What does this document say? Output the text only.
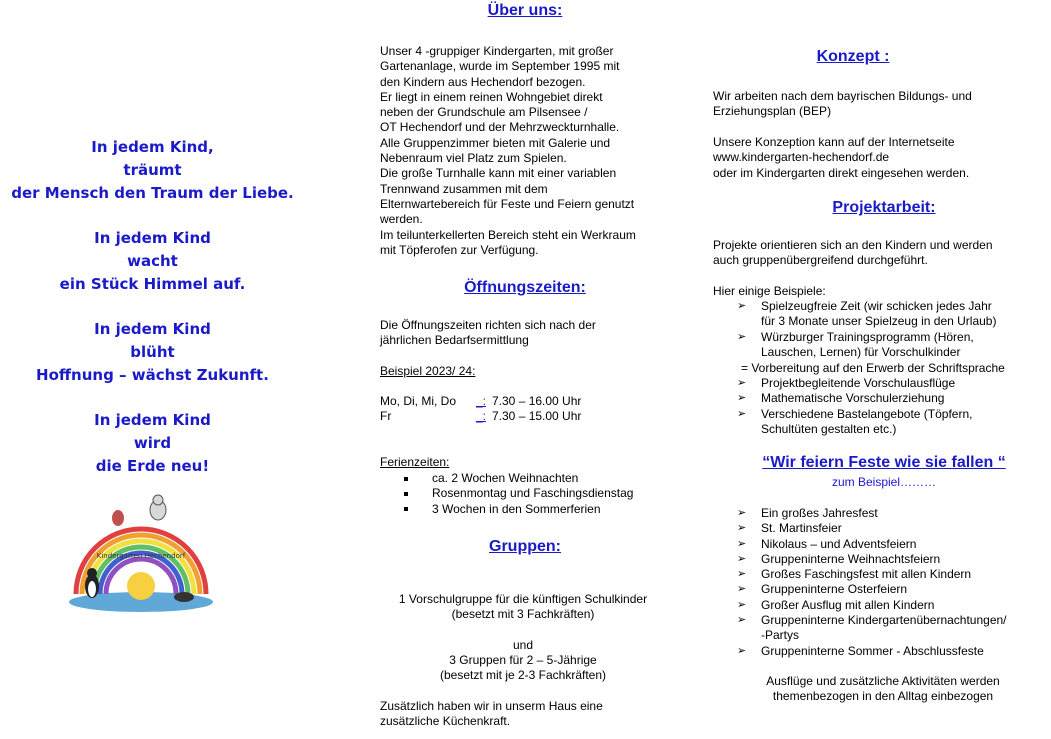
In jedem Kind,
träumt
der Mensch den Traum der Liebe.
In jedem Kind
wacht
ein Stück Himmel auf.
In jedem Kind
blüht
Hoffnung – wächst Zukunft.
In jedem Kind
wird
die Erde neu!
Kindergarten Hechendorf
Über uns:
Unser 4 -gruppiger Kindergarten, mit großer
Gartenanlage, wurde im September 1995 mit
den Kindern aus Hechendorf bezogen.
Er liegt in einem reinen Wohngebiet direkt
neben der Grundschule am Pilsensee /
OT Hechendorf und der Mehrzweckturnhalle.
Alle Gruppenzimmer bieten mit Galerie und
Nebenraum viel Platz zum Spielen.
Die große Turnhalle kann mit einer variablen
Trennwand zusammen mit dem
Elternwartebereich für Feste und Feiern genutzt
werden.
Im teilunterkellerten Bereich steht ein Werkraum
mit Töpferofen zur Verfügung.
Öffnungszeiten:
Die Öffnungszeiten richten sich nach der
jährlichen Bedarfsermittlung
Beispiel 2023/ 24:
Mo, Di, Mi, Do _: 7.30 – 16.00 Uhr
Fr	_: 7.30 – 15.00 Uhr
Ferienzeiten:
ca. 2 Wochen Weihnachten
Rosenmontag und Faschingsdienstag
3 Wochen in den Sommerferien
Gruppen:
1 Vorschulgruppe für die künftigen Schulkinder
(besetzt mit 3 Fachkräften)

und
3 Gruppen für 2 – 5-Jährige
(besetzt mit je 2-3 Fachkräften)
Zusätzlich haben wir in unserm Haus eine
zusätzliche Küchenkraft.
Konzept :
Wir arbeiten nach dem bayrischen Bildungs- und
Erziehungsplan (BEP)
Unsere Konzeption kann auf der Internetseite
www.kindergarten-hechendorf.de
oder im Kindergarten direkt eingesehen werden.
Projektarbeit:
Projekte orientieren sich an den Kindern und werden
auch gruppenübergreifend durchgeführt.
Hier einige Beispiele:
➢ Spielzeugfreie Zeit (wir schicken jedes Jahr
für 3 Monate unser Spielzeug in den Urlaub)
➢ Würzburger Trainingsprogramm (Hören,
Lauschen, Lernen) für Vorschulkinder
= Vorbereitung auf den Erwerb der Schriftsprache
➢ Projektbegleitende Vorschulausflüge
➢ Mathematische Vorschulerziehung
➢ Verschiedene Bastelangebote (Töpfern,
Schultüten gestalten etc.)
“Wir feiern Feste wie sie fallen “
zum Beispiel………
➢ Ein großes Jahresfest
➢ St. Martinsfeier
➢ Nikolaus – und Adventsfeiern
➢ Gruppeninterne Weihnachtsfeiern
➢ Großes Faschingsfest mit allen Kindern
➢ Gruppeninterne Osterfeiern
➢ Großer Ausflug mit allen Kindern
➢ Gruppeninterne Kindergartenübernachtungen/
-Partys
➢ Gruppeninterne Sommer - Abschlussfeste
Ausflüge und zusätzliche Aktivitäten werden
themenbezogen in den Alltag einbezogen
